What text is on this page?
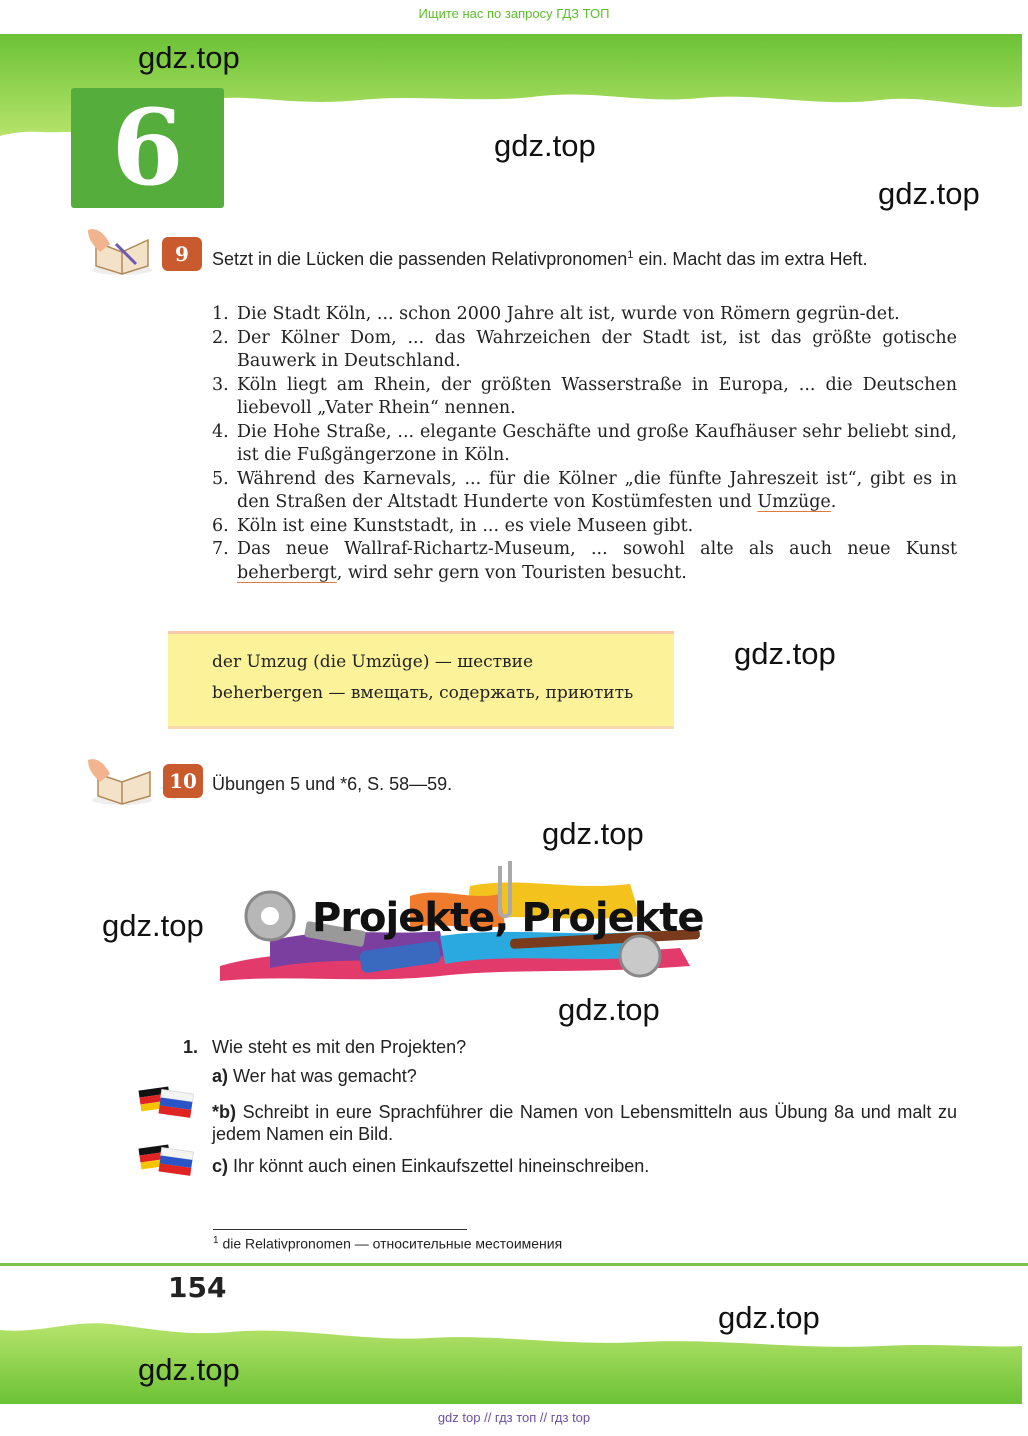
Ищите нас по запросу ГДЗ ТОП
gdz.top
6	gdz.top
gdz.top
9	Setzt in die Lücken die passenden Relativpronomen$^1$ ein. Macht das im extra Heft.
1. Die Stadt Köln, ... schon 2000 Jahre alt ist, wurde von Römern gegrün-det.
2. Der Kölner Dom, ... das Wahrzeichen der Stadt ist, ist das größte gotische Bauwerk in Deutschland.
3. Köln liegt am Rhein, der größten Wasserstraße in Europa, ... die Deutschen liebevoll „Vater Rhein“ nennen.
4. Die Hohe Straße, ... elegante Geschäfte und große Kaufhäuser sehr beliebt sind, ist die Fußgängerzone in Köln.
5. Während des Karnevals, ... für die Kölner „die fünfte Jahreszeit ist“, gibt es in den Straßen der Altstadt Hunderte von Kostümfesten und Umzüge.
6. Köln ist eine Kunststadt, in ... es viele Museen gibt.
7. Das neue Wallraf-Richartz-Museum, ... sowohl alte als auch neue Kunst beherbergt, wird sehr gern von Touristen besucht.
der Umzug (die Umzüge) — шествие
beherbergen — вмещать, содержать, приютить
gdz.top
10 Übungen 5 und *6, S. 58—59.
gdz.top
Projekte, Projekte
gdz.top
gdz.top
1. Wie steht es mit den Projekten?
a) Wer hat was gemacht?
*b) Schreibt in eure Sprachführer die Namen von Lebensmitteln aus Übung 8a und malt zu jedem Namen ein Bild.
c) Ihr könnt auch einen Einkaufszettel hineinschreiben.
$^1$ die Relativpronomen — относительные местоимения
154
gdz.top
gdz.top
gdz top // гдз топ // гдз top
